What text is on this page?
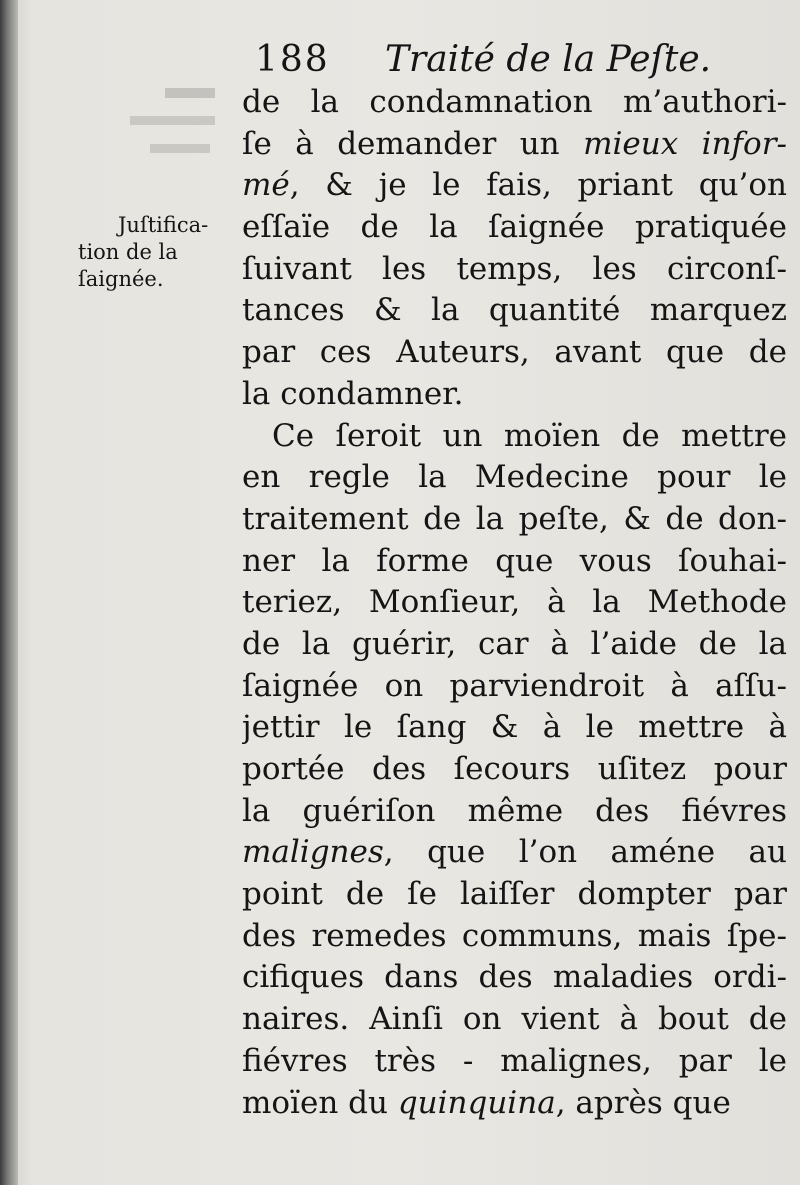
188 Traité de la Peſte.
Juſtifica-
tion de la
ſaignée.
de la condamnation m’authori-
ſe à demander un mieux infor-
mé, & je le fais, priant qu’on
eſſaïe de la ſaignée pratiquée
ſuivant les temps, les circonſ-
tances & la quantité marquez
par ces Auteurs, avant que de
la condamner.
Ce ſeroit un moïen de mettre
en regle la Medecine pour le
traitement de la peſte, & de don-
ner la forme que vous ſouhai-
teriez, Monſieur, à la Methode
de la guérir, car à l’aide de la
ſaignée on parviendroit à aſſu-
jettir le ſang & à le mettre à
portée des ſecours uſitez pour
la guériſon même des fiévres
malignes, que l’on améne au
point de ſe laiſſer dompter par
des remedes communs, mais ſpe-
cifiques dans des maladies ordi-
naires. Ainſi on vient à bout de
fiévres très - malignes, par le
moïen du quinquina, après que
